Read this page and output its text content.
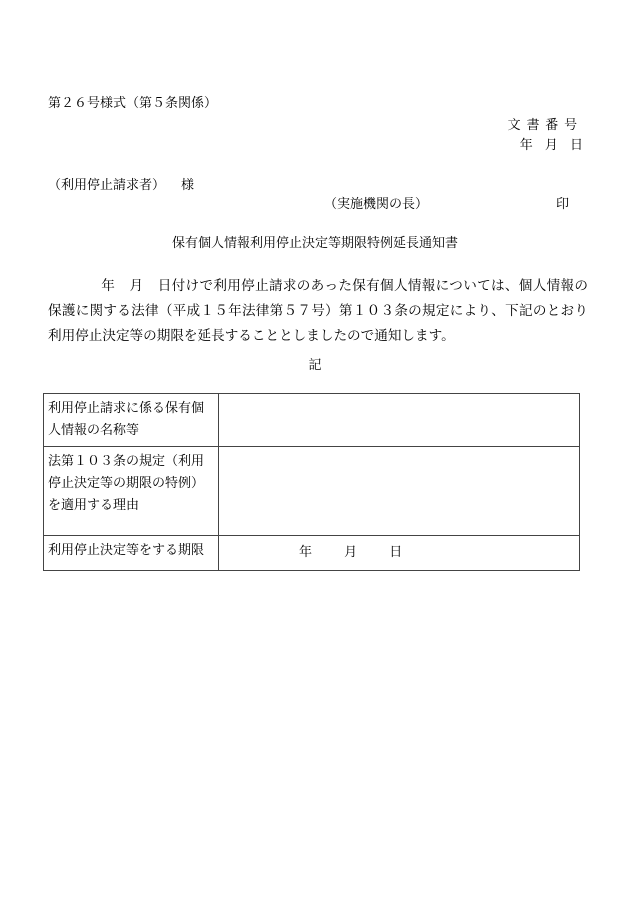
第２６号様式（第５条関係）
文書番号
年 月 日
（利用停止請求者） 様
（実施機関の長）	印
保有個人情報利用停止決定等期限特例延長通知書

年 月 日付けで利用停止請求のあった保有個人情報については、個人情報の保護に関する法律（平成１５年法律第５７号）第１０３条の規定により、下記のとおり利用停止決定等の期限を延長することとしましたので通知します。

記
利用停止請求に係る保有個人情報の名称等	
法第１０３条の規定（利用停止決定等の期限の特例）を適用する理由	
利用停止決定等をする期限	年 月 日
